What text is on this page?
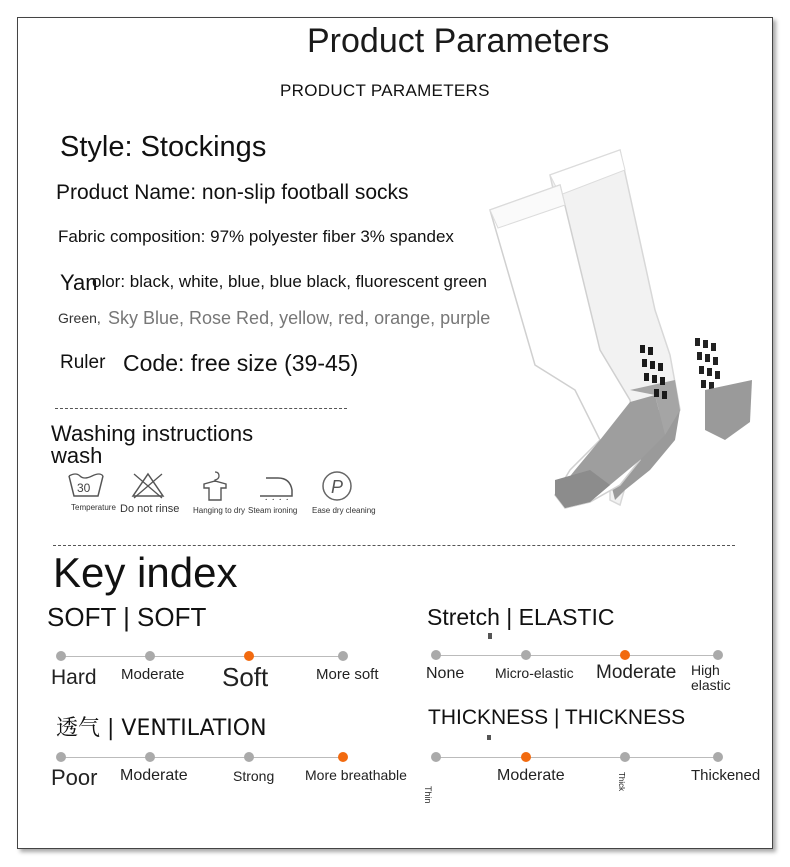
Product Parameters
PRODUCT PARAMETERS
Style: Stockings
Product Name: non-slip football socks
Fabric composition: 97% polyester fiber 3% spandex
Yan
olor: black, white, blue, blue black, fluorescent green
Green, Sky Blue, Rose Red, yellow, red, orange, purple
Ruler Code: free size (39-45)
Washing instructions
wash
30
Temperature Do not rinse Hanging to dry Steam ironing
P
Ease dry cleaning
Key index
SOFT | SOFT
Hard Moderate Soft	More soft
Stretch | ELASTIC
None Micro-elastic Moderate High elastic
透气 | VENTILATION
Poor Moderate	Strong More breathable
THICKNESS | THICKNESS
Thin
Moderate	Thick	Thickened
